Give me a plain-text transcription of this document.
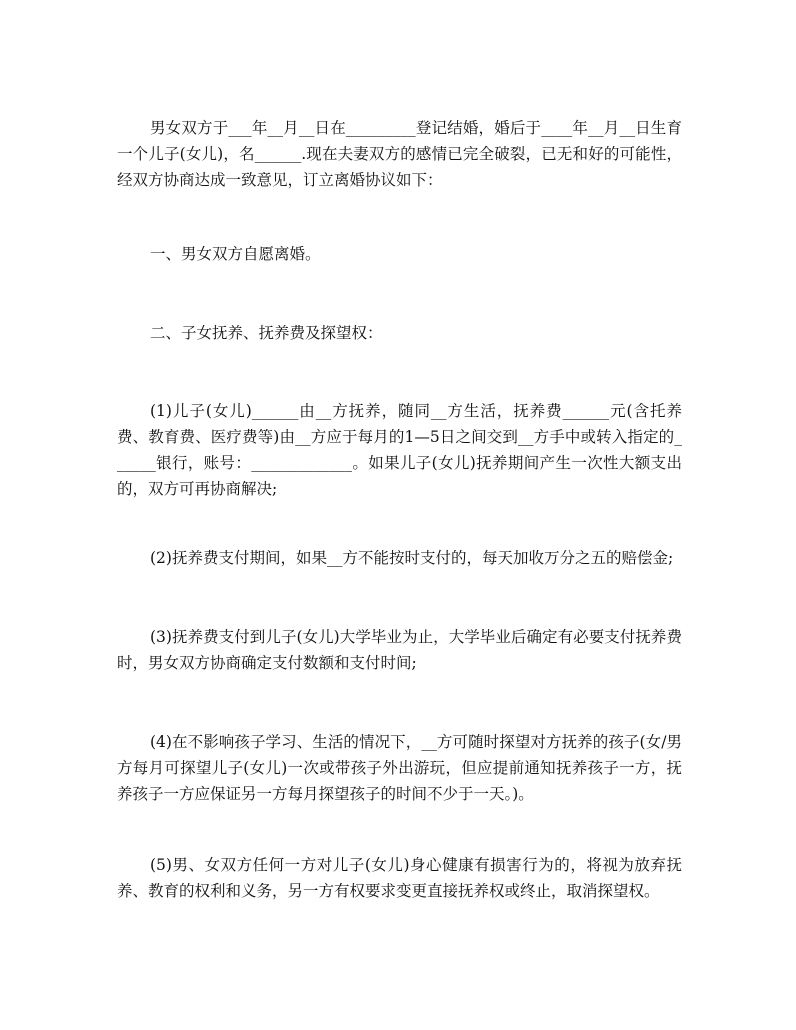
男女双方于___年__月__日在_________登记结婚，婚后于____年__月__日生育一个儿子(女儿)，名______.现在夫妻双方的感情已完全破裂，已无和好的可能性，经双方协商达成一致意见，订立离婚协议如下：

一、男女双方自愿离婚。

二、子女抚养、抚养费及探望权：

(1)儿子(女儿)______由__方抚养，随同__方生活，抚养费______元(含托养费、教育费、医疗费等)由__方应于每月的1—5日之间交到__方手中或转入指定的______银行，账号：_____________。如果儿子(女儿)抚养期间产生一次性大额支出的，双方可再协商解决;

(2)抚养费支付期间，如果__方不能按时支付的，每天加收万分之五的赔偿金;

(3)抚养费支付到儿子(女儿)大学毕业为止，大学毕业后确定有必要支付抚养费时，男女双方协商确定支付数额和支付时间;

(4)在不影响孩子学习、生活的情况下，__方可随时探望对方抚养的孩子(女/男方每月可探望儿子(女儿)一次或带孩子外出游玩，但应提前通知抚养孩子一方，抚养孩子一方应保证另一方每月探望孩子的时间不少于一天。)。

(5)男、女双方任何一方对儿子(女儿)身心健康有损害行为的，将视为放弃抚养、教育的权利和义务，另一方有权要求变更直接抚养权或终止，取消探望权。
